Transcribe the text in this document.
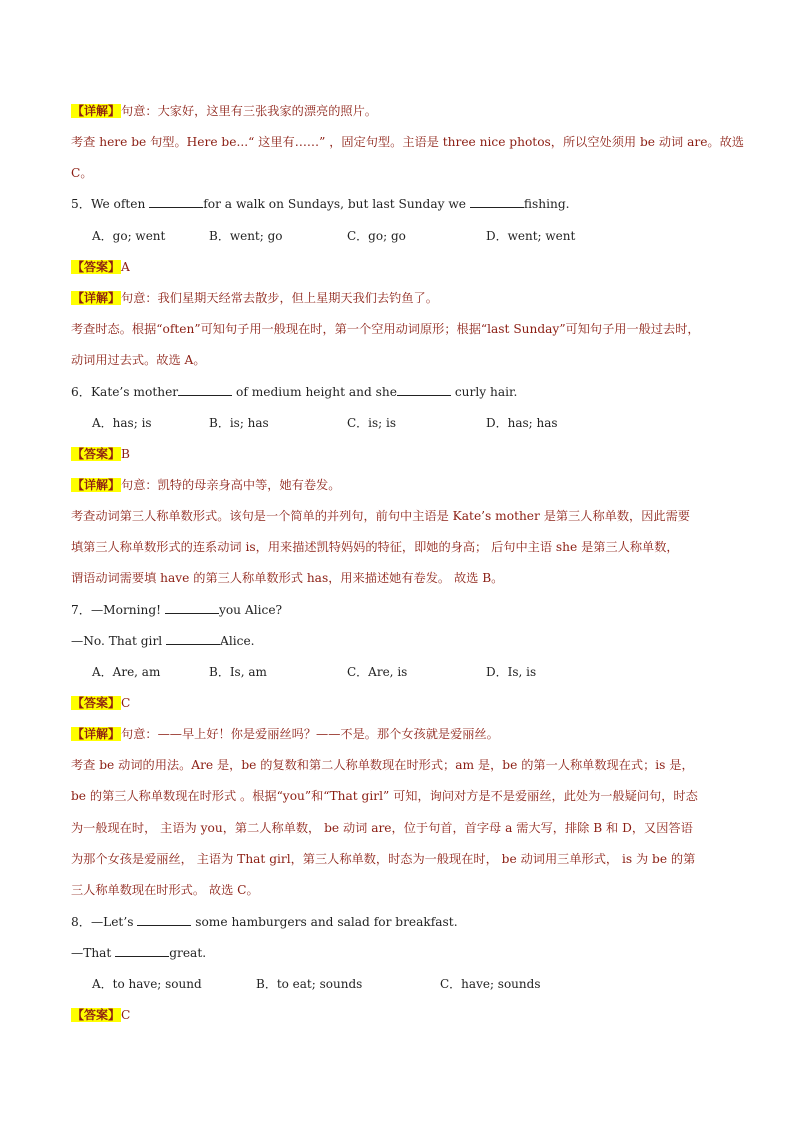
【详解】句意：大家好，这里有三张我家的漂亮的照片。
考查 here be 句型。Here be...“ 这里有……” ，固定句型。主语是 three nice photos，所以空处须用 be 动词 are。故选
C。
5．We often	for a walk on Sundays, but last Sunday we	fishing.
A．go; went	B．went; go	C．go; go	D．went; went
【答案】A
【详解】句意：我们星期天经常去散步，但上星期天我们去钓鱼了。
考查时态。根据“often”可知句子用一般现在时，第一个空用动词原形；根据“last Sunday”可知句子用一般过去时，
动词用过去式。故选 A。
6．Kate’s mother	of medium height and she	curly hair.
A．has; is	B．is; has	C．is; is	D．has; has
【答案】B
【详解】句意：凯特的母亲身高中等，她有卷发。
考查动词第三人称单数形式。该句是一个简单的并列句，前句中主语是 Kate’s mother 是第三人称单数，因此需要
填第三人称单数形式的连系动词 is，用来描述凯特妈妈的特征，即她的身高； 后句中主语 she 是第三人称单数，
谓语动词需要填 have 的第三人称单数形式 has，用来描述她有卷发。 故选 B。
7．—Morning!	you Alice?
—No. That girl	Alice.
A．Are, am	B．Is, am	C．Are, is	D．Is, is
【答案】C
【详解】句意：——早上好！你是爱丽丝吗？——不是。那个女孩就是爱丽丝。
考查 be 动词的用法。Are 是，be 的复数和第二人称单数现在时形式；am 是，be 的第一人称单数现在式；is 是，
be 的第三人称单数现在时形式 。根据“you”和“That girl” 可知，询问对方是不是爱丽丝，此处为一般疑问句，时态
为一般现在时， 主语为 you，第二人称单数， be 动词 are，位于句首，首字母 a 需大写，排除 B 和 D，又因答语
为那个女孩是爱丽丝， 主语为 That girl，第三人称单数，时态为一般现在时， be 动词用三单形式， is 为 be 的第
三人称单数现在时形式。 故选 C。
8．—Let’s	some hamburgers and salad for breakfast.
—That	great.
A．to have; sound	B．to eat; sounds	C．have; sounds
【答案】C
